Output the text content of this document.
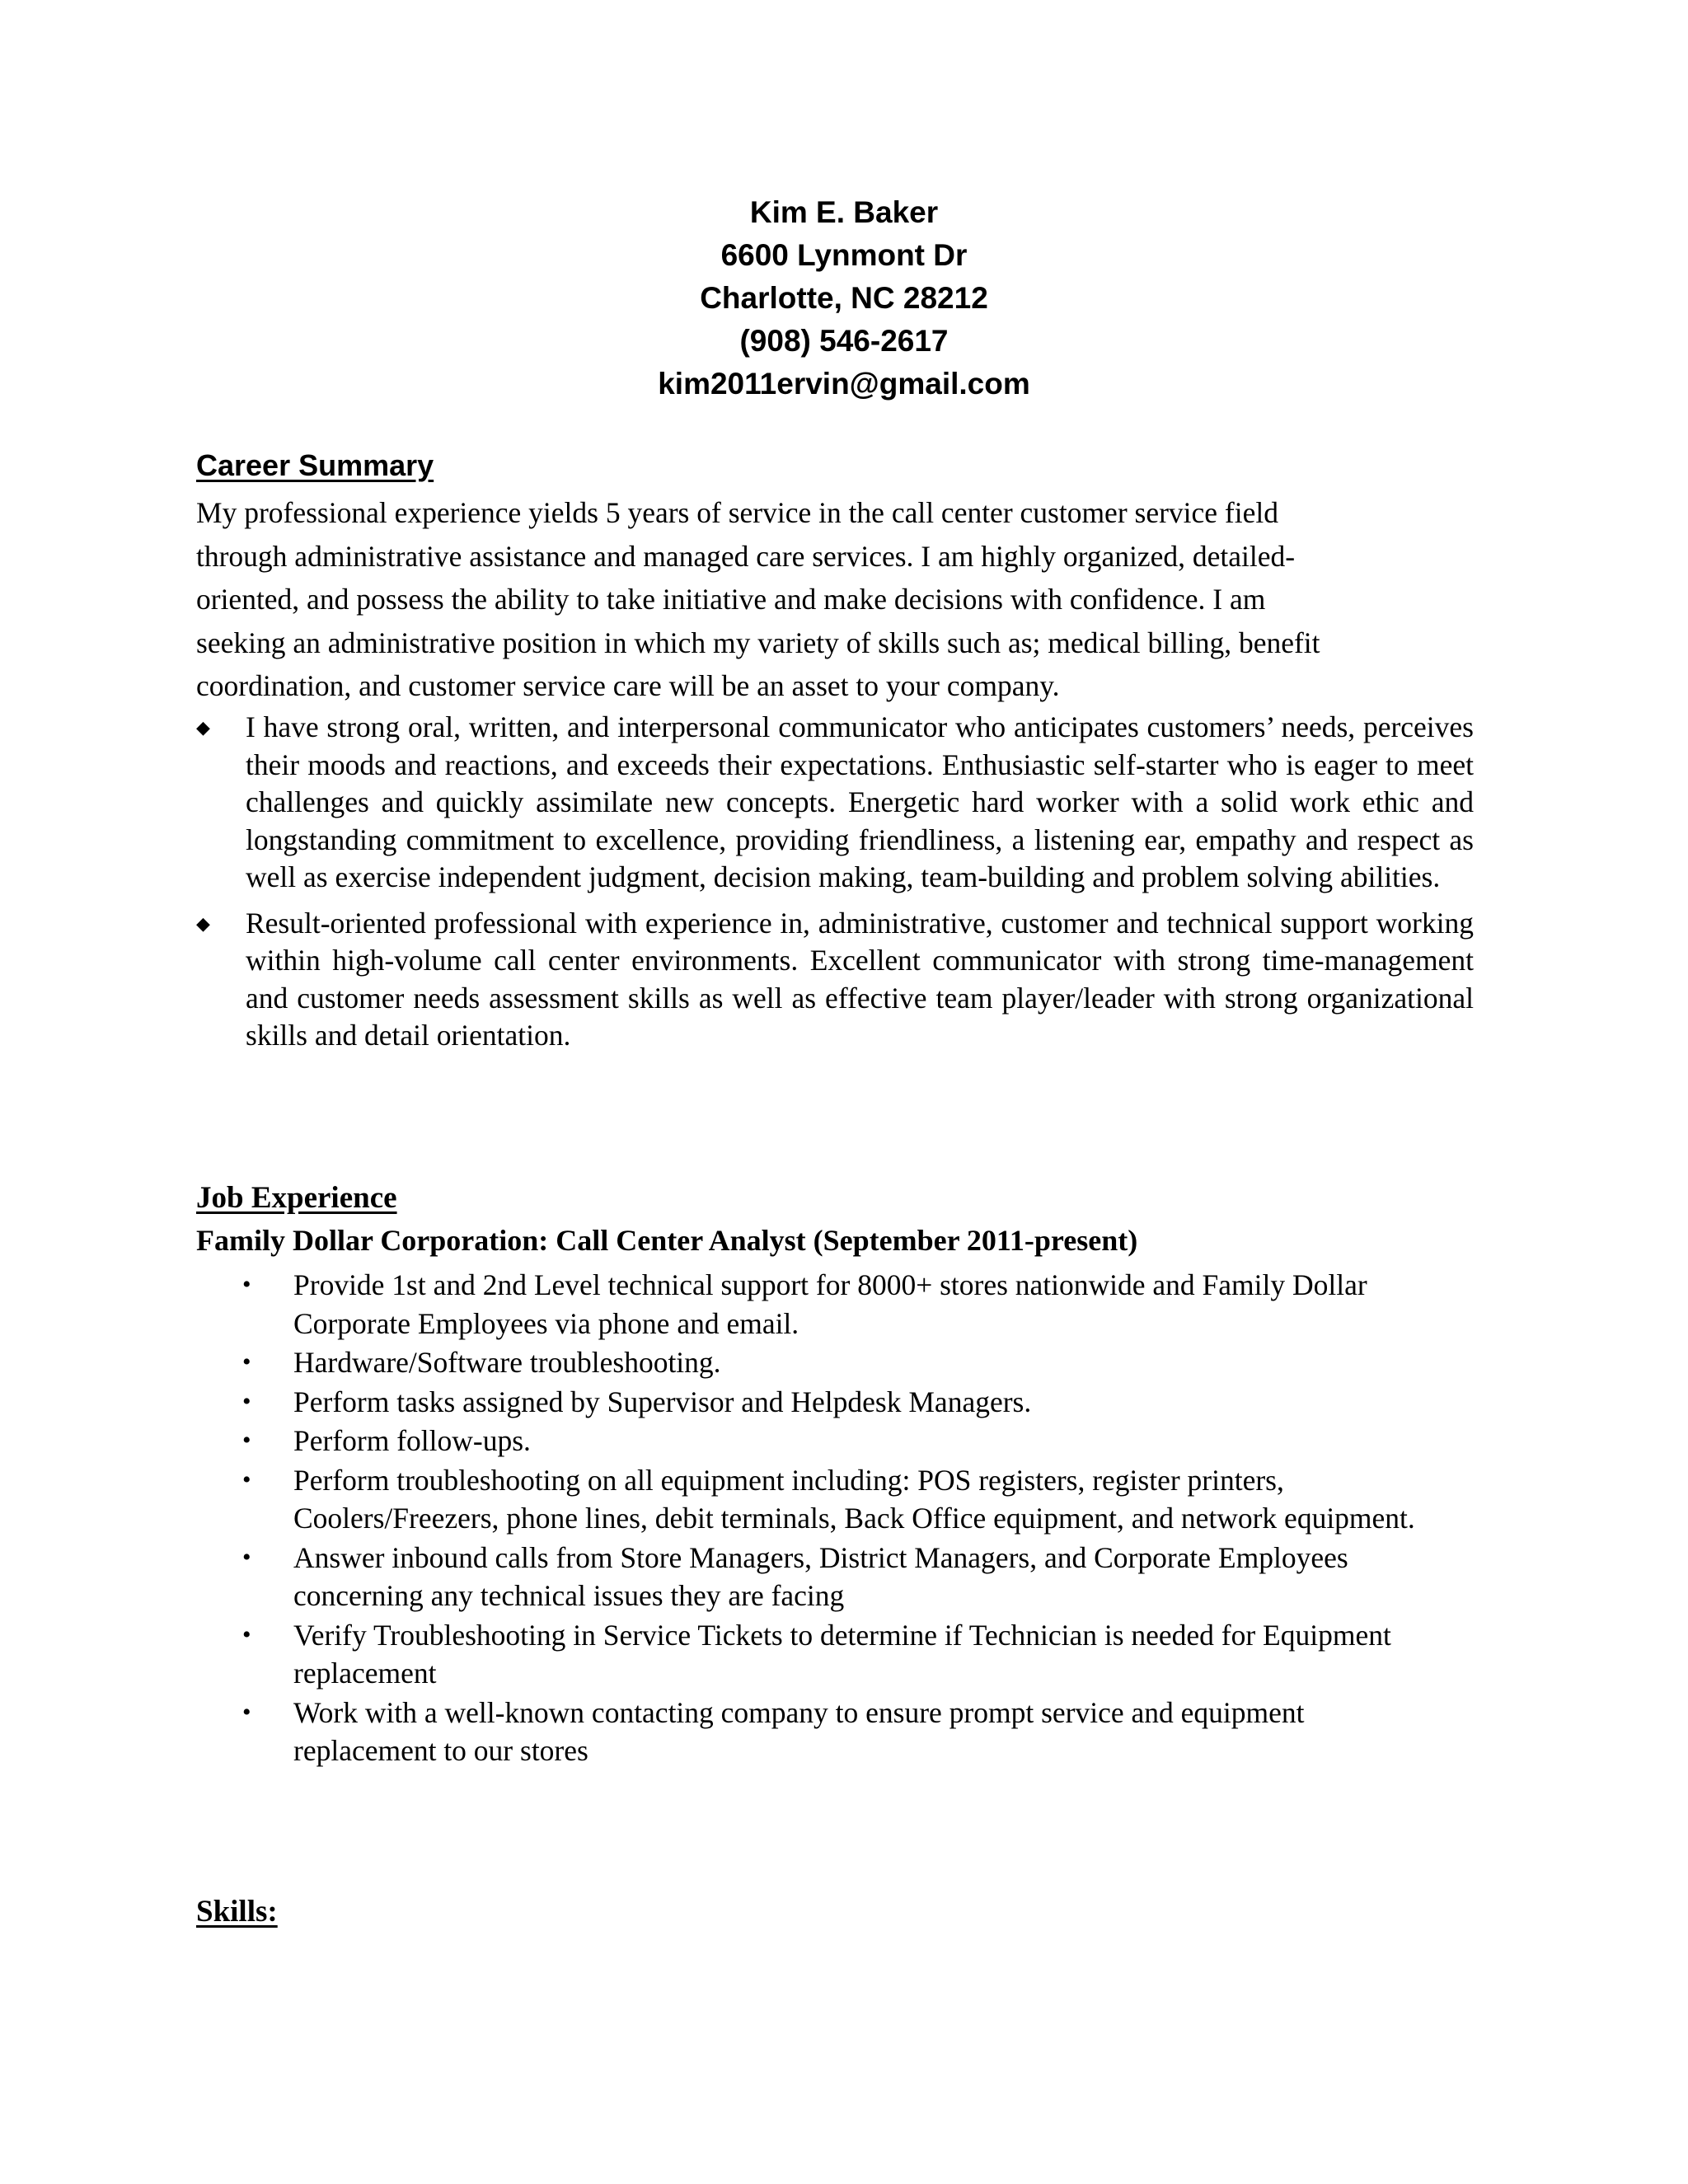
Kim E. Baker
6600 Lynmont Dr
Charlotte, NC 28212
(908) 546-2617
kim2011ervin@gmail.com
Career Summary
My professional experience yields 5 years of service in the call center customer service field
through administrative assistance and managed care services. I am highly organized, detailed-
oriented, and possess the ability to take initiative and make decisions with confidence. I am
seeking an administrative position in which my variety of skills such as; medical billing, benefit
coordination, and customer service care will be an asset to your company.
◆	I have strong oral, written, and interpersonal communicator who anticipates customers’ needs, perceives their moods and reactions, and exceeds their expectations. Enthusiastic self-starter who is eager to meet challenges and quickly assimilate new concepts. Energetic hard worker with a solid work ethic and longstanding commitment to excellence, providing friendliness, a listening ear, empathy and respect as well as exercise independent judgment, decision making, team-building and problem solving abilities.
◆	Result-oriented professional with experience in, administrative, customer and technical support working within high-volume call center environments. Excellent communicator with strong time-management and customer needs assessment skills as well as effective team player/leader with strong organizational skills and detail orientation.
Job Experience
Family Dollar Corporation: Call Center Analyst (September 2011-present)
•	Provide 1st and 2nd Level technical support for 8000+ stores nationwide and Family Dollar Corporate Employees via phone and email.
•	Hardware/Software troubleshooting.
•	Perform tasks assigned by Supervisor and Helpdesk Managers.
•	Perform follow-ups.
•	Perform troubleshooting on all equipment including: POS registers, register printers, Coolers/Freezers, phone lines, debit terminals, Back Office equipment, and network equipment.
•	Answer inbound calls from Store Managers, District Managers, and Corporate Employees concerning any technical issues they are facing
•	Verify Troubleshooting in Service Tickets to determine if Technician is needed for Equipment replacement
•	Work with a well-known contacting company to ensure prompt service and equipment replacement to our stores
Skills:
